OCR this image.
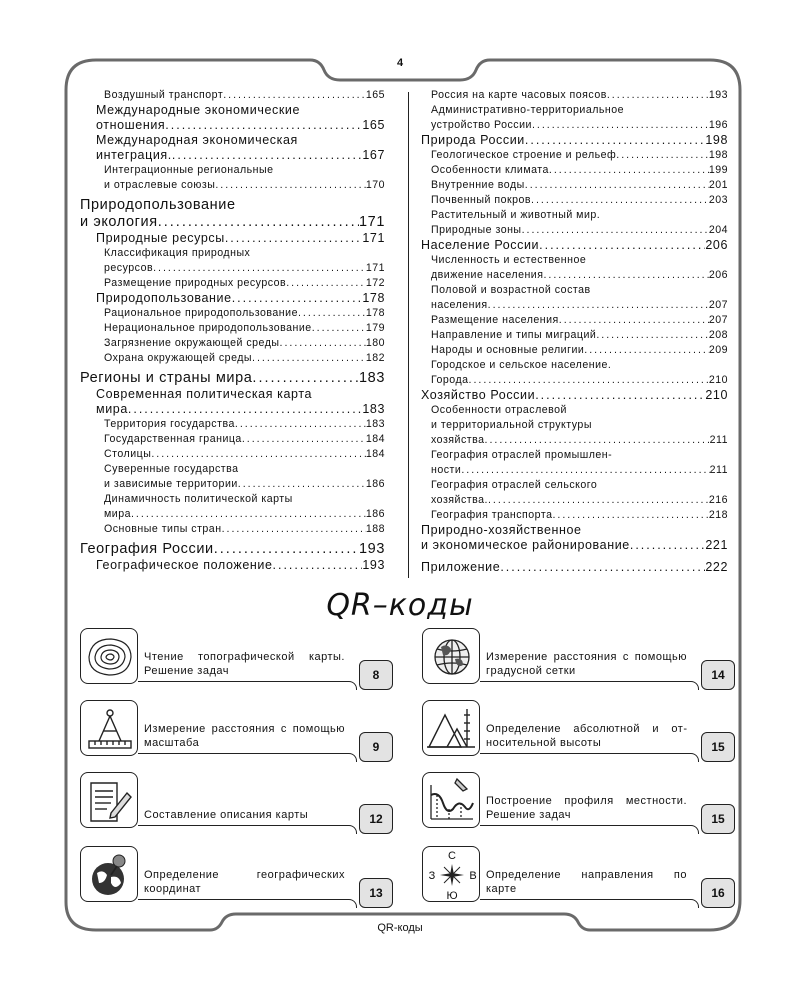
4
Воздушный транспорт .....	165
Международные экономические
отношения .....	165
Международная экономическая
интеграция. .....	167
Интеграционные региональные
и отраслевые союзы .....	170
Природопользование
и экология .....	171
Природные ресурсы .....	171
Классификация природных
ресурсов .....	171
Размещение природных ресурсов .....	172
Природопользование .....	178
Рациональное природопользование .....	178
Нерациональное природопользование .....	179
Загрязнение окружающей среды .....	180
Охрана окружающей среды .....	182
Регионы и страны мира .....	183
Современная политическая карта
мира .....	183
Территория государства .....	183
Государственная граница .....	184
Столицы .....	184
Суверенные государства
и зависимые территории .....	186
Динамичность политической карты
мира .....	186
Основные типы стран .....	188
География России .....	193
Географическое положение .....	193
Россия на карте часовых поясов .....	193
Административно-территориальное
устройство России .....	196
Природа России .....	198
Геологическое строение и рельеф .....	198
Особенности климата .....	199
Внутренние воды .....	201
Почвенный покров .....	203
Растительный и животный мир.
Природные зоны .....	204
Население России .....	206
Численность и естественное
движение населения .....	206
Половой и возрастной состав
населения .....	207
Размещение населения .....	207
Направление и типы миграций .....	208
Народы и основные религии .....	209
Городское и сельское население.
Города .....	210
Хозяйство России .....	210
Особенности отраслевой
и территориальной структуры
хозяйства .....	211
География отраслей промышлен-
ности .....	211
География отраслей сельского
хозяйства. .....	216
География транспорта .....	218
Природно-хозяйственное
и экономическое районирование .....	221
Приложение .....	222
QR–коды
Чтение топографической карты. Решение задач	8
Измерение расстояния с помощью градусной сетки	14
Измерение расстояния с помощью масштаба	9
Определение абсолютной и относительной высоты	15
Составление описания карты	12
Построение профиля местности. Решение задач	15
Определение географических координат	13
С
З	В
Ю
Определение направления по карте	16
QR-коды
